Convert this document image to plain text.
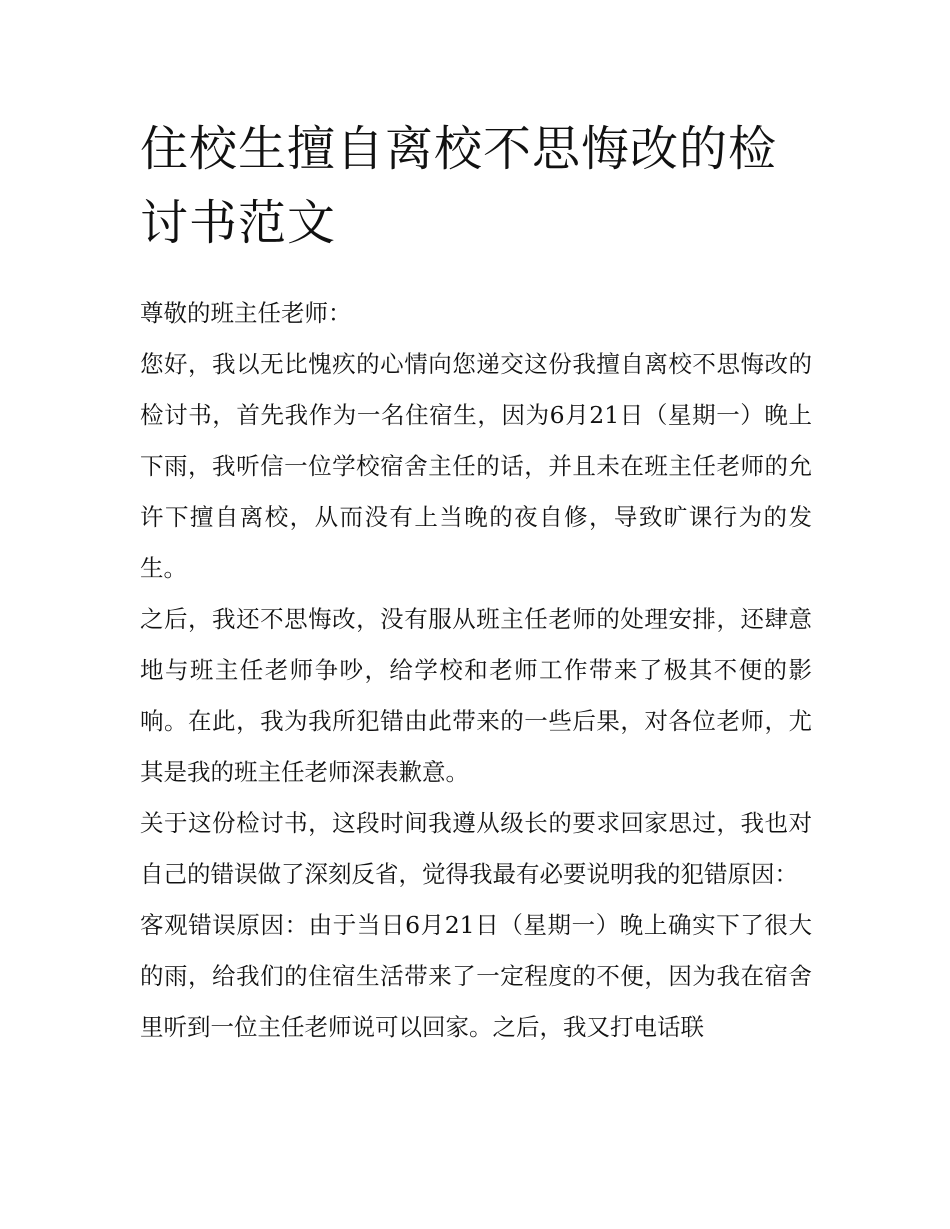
住校生擅自离校不思悔改的检讨书范文

尊敬的班主任老师：

您好，我以无比愧疚的心情向您递交这份我擅自离校不思悔改的检讨书，首先我作为一名住宿生，因为6月21日（星期一）晚上下雨，我听信一位学校宿舍主任的话，并且未在班主任老师的允许下擅自离校，从而没有上当晚的夜自修，导致旷课行为的发生。

之后，我还不思悔改，没有服从班主任老师的处理安排，还肆意地与班主任老师争吵，给学校和老师工作带来了极其不便的影响。在此，我为我所犯错由此带来的一些后果，对各位老师，尤其是我的班主任老师深表歉意。

关于这份检讨书，这段时间我遵从级长的要求回家思过，我也对自己的错误做了深刻反省，觉得我最有必要说明我的犯错原因：

客观错误原因：由于当日6月21日（星期一）晚上确实下了很大的雨，给我们的住宿生活带来了一定程度的不便，因为我在宿舍里听到一位主任老师说可以回家。之后，我又打电话联
